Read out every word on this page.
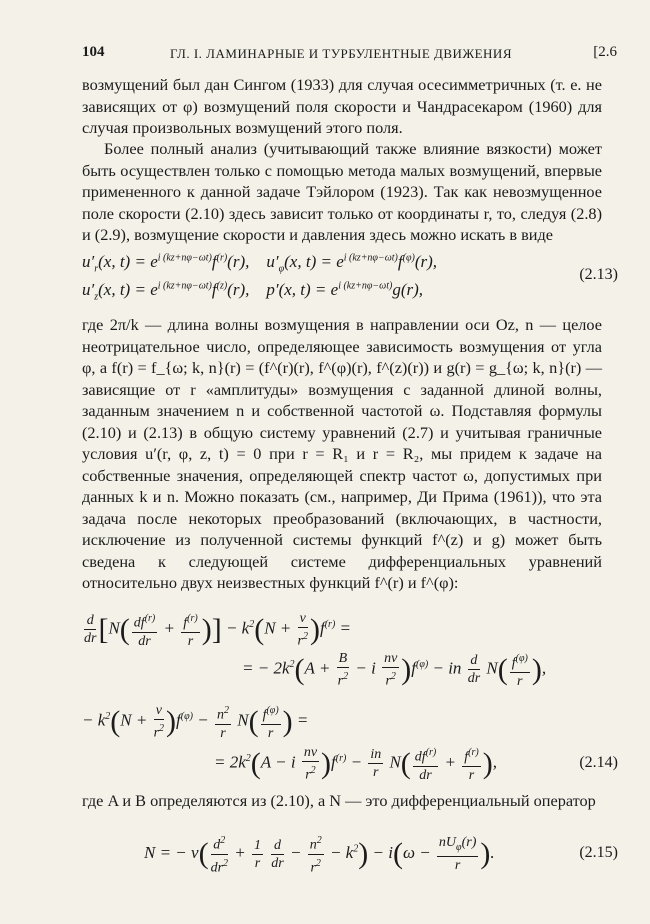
104	ГЛ. I. ЛАМИНАРНЫЕ И ТУРБУЛЕНТНЫЕ ДВИЖЕНИЯ	[2.6

возмущений был дан Сингом (1933) для случая осесимметричных (т. е. не зависящих от φ) возмущений поля скорости и Чандрасекаром (1960) для случая произвольных возмущений этого поля.

Более полный анализ (учитывающий также влияние вязкости) может быть осуществлен только с помощью метода малых возмущений, впервые примененного к данной задаче Тэйлором (1923). Так как невозмущенное поле скорости (2.10) здесь зависит только от координаты r, то, следуя (2.8) и (2.9), возмущение скорости и давления здесь можно искать в виде

$u'_r(x$, $t) = e^{i (kz+n\varphi-\omega t)}f^{(r)}(r)$,    $u'_\varphi(x$, $t) = e^{i (kz+n\varphi-\omega t)}f^{(\varphi)}(r)$,
$u'_z(x$, $t) = e^{i (kz+n\varphi-\omega t)}f^{(z)}(r)$,    p′(x, $t) = e^{i (kz+n\varphi-\omega t)}g(r)$,
(2.13)

где 2π/k — длина волны возмущения в направлении оси Oz, n — целое неотрицательное число, определяющее зависимость возмущения от угла φ, а f(r) = f_{ω; k, n}(r) = (f^(r)(r), f^(φ)(r), f^(z)(r)) и g(r) = g_{ω; k, n}(r) — зависящие от r «амплитуды» возмущения с заданной длиной волны, заданным значением n и собственной частотой ω. Подставляя формулы (2.10) и (2.13) в общую систему уравнений (2.7) и учитывая граничные условия u′(r, φ, z, t) = 0 при r = R₁ и r = R₂, мы придем к задаче на собственные значения, определяющей спектр частот ω, допустимых при данных k и n. Можно показать (см., например, Ди Прима (1961)), что эта задача после некоторых преобразований (включающих, в частности, исключение из полученной системы функций f^(z) и g) может быть сведена к следующей системе дифференциальных уравнений относительно двух неизвестных функций f^(r) и f^(φ):

$\frac{d}{dr} [N( \frac{df^{(r)}}{dr} + \frac{f^{(r)}}{r}$ )] − $k^2(N + \frac{\nu}{r^2} )f^{(r)}$ =
= − $2k^2(A + \frac{B}{r^2} - i \frac{n\nu}{r^2} )f^{(\varphi)}$ − in $\frac{d}{dr} N( \frac{f^{(\varphi)}}{r}$ ),
− $k^2(N + \frac{\nu}{r^2} )f^{(\varphi)} - \frac{n^2}{r} N( \frac{f^{(\varphi)}}{r}$ ) =
= $2k^2(A - i \frac{n\nu}{r^2} )f^{(r)} - \frac{in}{r} N( \frac{df^{(r)}}{dr} + \frac{f^{(r)}}{r}$ ),	(2.14)

где A и B определяются из (2.10), а N — это дифференциальный оператор

N = − $\nu( \frac{d^2}{dr^2} + \frac{1}{r}$
$\frac{d}{dr} - \frac{n^2}{r^2} - k^2) - i(\omega - \frac{nU_\varphi(r)}{r}$ ).	(2.15)
